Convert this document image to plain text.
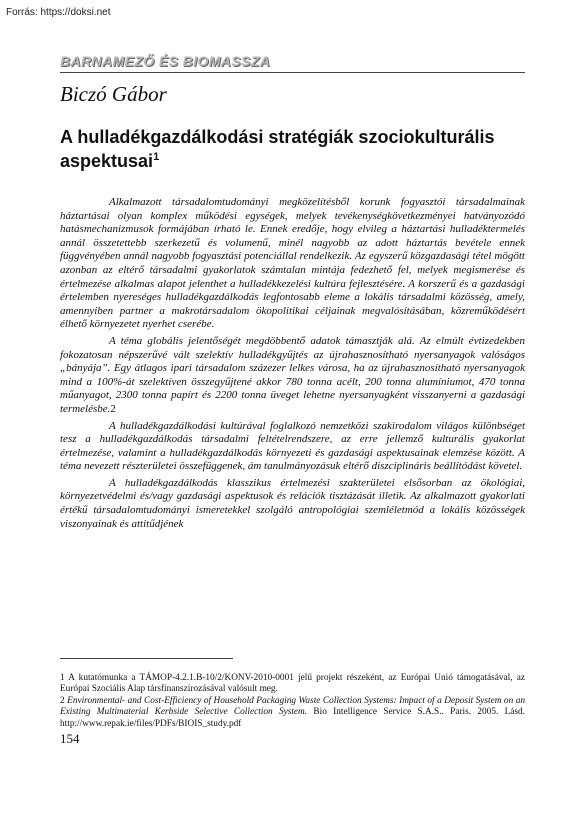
Forrás: https://doksi.net
BARNAMEZŐ ÉS BIOMASSZA
Biczó Gábor
A hulladékgazdálkodási stratégiák szociokulturális aspektusai$^1$

Alkalmazott társadalomtudományi megközelítésből korunk fogyasztói társadalmainak háztartásai olyan komplex működési egységek, melyek tevékenységkövetkezményei hatványozódó hatásmechanizmusok formájában írható le. Ennek eredője, hogy elvileg a háztartási hulladéktermelés annál összetettebb szerkezetű és volumenű, minél nagyobb az adott háztartás bevétele ennek függvényében annál nagyobb fogyasztási potenciállal rendelkezik. Az egyszerű közgazdasági tétel mögött azonban az eltérő társadalmi gyakorlatok számtalan mintája fedezhető fel, melyek megismerése és értelmezése alkalmas alapot jelenthet a hulladékkezelési kultúra fejlesztésére. A korszerű és a gazdasági értelemben nyereséges hulladékgazdálkodás legfontosabb eleme a lokális társadalmi közösség, amely, amennyiben partner a makrotársadalom ökopolitikai céljainak megvalósításában, közreműködésért élhető környezetet nyerhet cserébe.

A téma globális jelentőségét megdöbbentő adatok támasztják alá. Az elmúlt évtizedekben fokozatosan népszerűvé vált szelektív hulladékgyűjtés az újrahasznosítható nyersanyagok valóságos „bányája”. Egy átlagos ipari társadalom százezer lelkes városa, ha az újrahasznosítható nyersanyagok mind a 100%-át szelektíven összegyűjtené akkor 780 tonna acélt, 200 tonna alumíniumot, 470 tonna műanyagot, 2300 tonna papírt és 2200 tonna üveget lehetne nyersanyagként visszanyerni a gazdasági termelésbe.2

A hulladékgazdálkodási kultúrával foglalkozó nemzetközi szakirodalom világos különbséget tesz a hulladékgazdálkodás társadalmi feltételrendszere, az erre jellemző kulturális gyakorlat értelmezése, valamint a hulladékgazdálkodás környezeti és gazdasági aspektusainak elemzése között. A téma nevezett részterületei összefüggenek, ám tanulmányozásuk eltérő diszciplináris beállítódást követel.

A hulladékgazdálkodás klasszikus értelmezési szakterületei elsősorban az ökológiai, környezetvédelmi és/vagy gazdasági aspektusok és relációk tisztázását illetik. Az alkalmazott gyakorlati értékű társadalomtudományi ismeretekkel szolgáló antropológiai szemléletmód a lokális közösségek viszonyainak és attitűdjének

1 A kutatómunka a TÁMOP-4.2.1.B-10/2/KONV-2010-0001 jelű projekt részeként, az Európai Unió támogatásával, az Európai Szociális Alap társfinanszírozásával valósult meg.

2 Environmental- and Cost-Efficiency of Household Packaging Waste Collection Systems: Impact of a Deposit System on an Existing Multimaterial Kerbside Selective Collection System. Bio Intelligence Service S.A.S.. Paris. 2005. Lásd. http://www.repak.ie/files/PDFs/BIOIS_study.pdf

154
